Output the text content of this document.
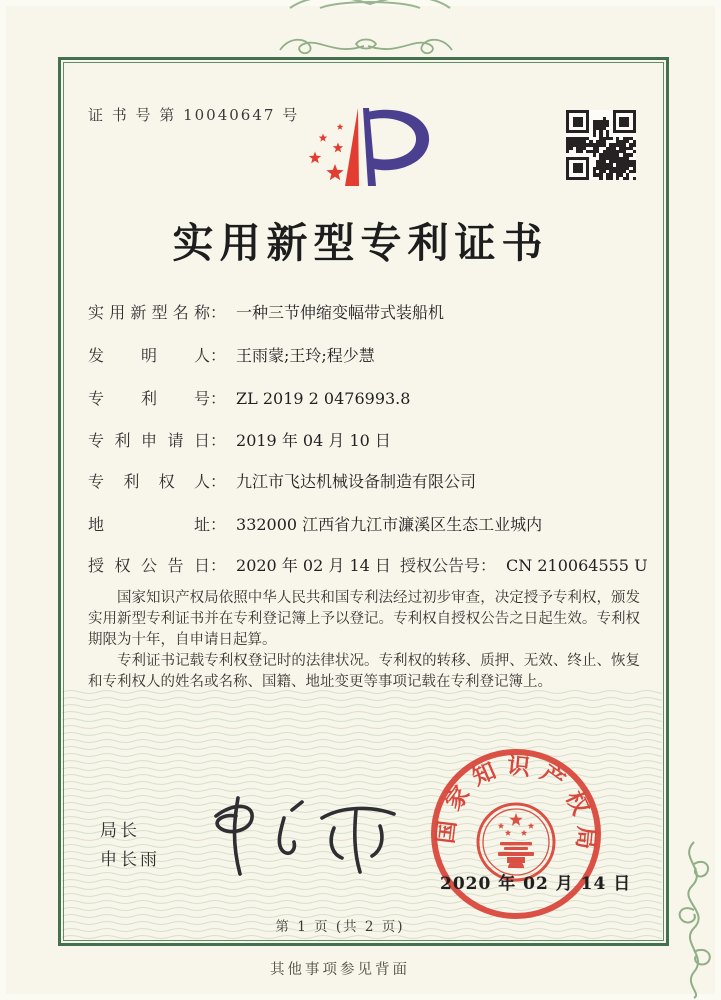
证 书 号 第 10040647 号
实用新型专利证书
实用新型名称： 一种三节伸缩变幅带式装船机
发明人： 王雨蒙;王玲;程少慧
专利号： ZL 2019 2 0476993.8
专利申请日： 2019 年 04 月 10 日
专利权人： 九江市飞达机械设备制造有限公司
地址： 332000 江西省九江市濂溪区生态工业城内
授权公告日： 2020 年 02 月 14 日 授权公告号： CN 210064555 U

国家知识产权局依照中华人民共和国专利法经过初步审查，决定授予专利权，颁发实用新型专利证书并在专利登记簿上予以登记。专利权自授权公告之日起生效。专利权期限为十年，自申请日起算。

专利证书记载专利权登记时的法律状况。专利权的转移、质押、无效、终止、恢复和专利权人的姓名或名称、国籍、地址变更等事项记载在专利登记簿上。

局长
申长雨
国家知识产权局
2020 年 02 月 14 日
第 1 页 (共 2 页)
其他事项参见背面
